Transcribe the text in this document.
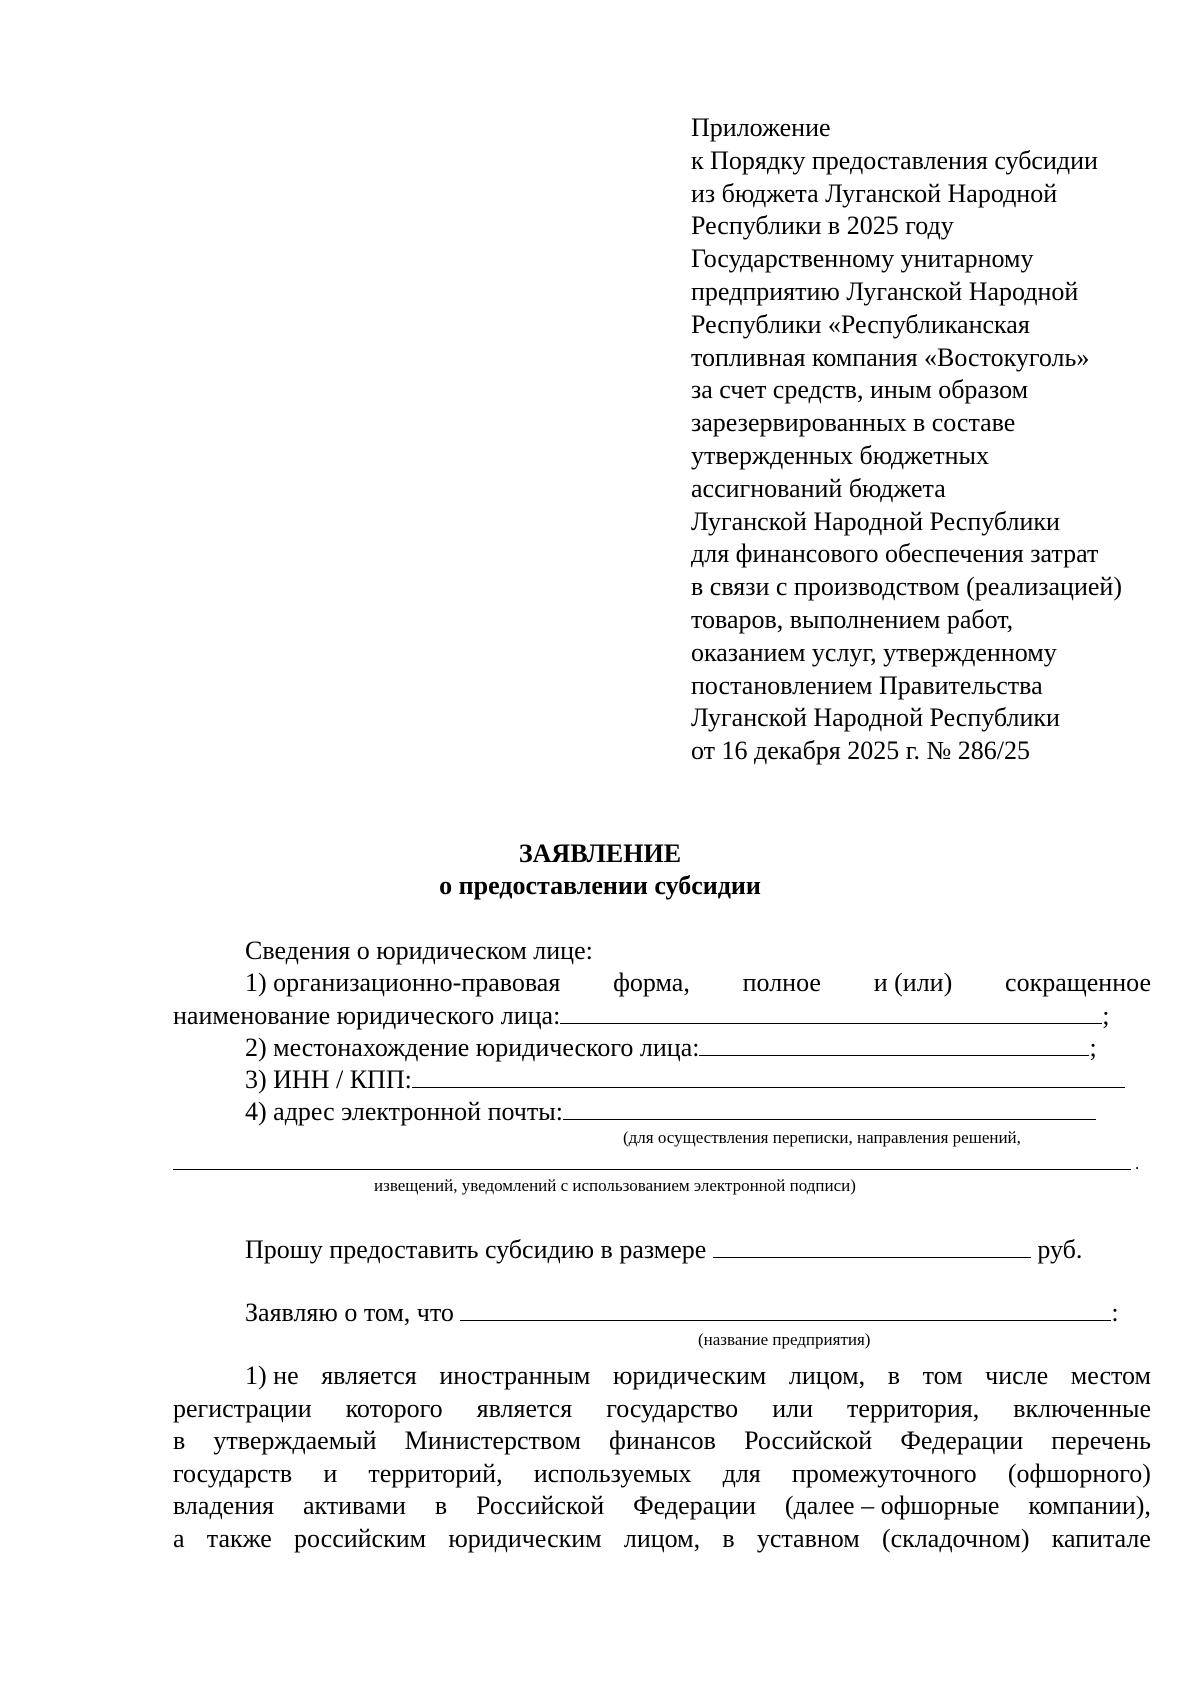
Приложение
к Порядку предоставления субсидии
из бюджета Луганской Народной
Республики в 2025 году
Государственному унитарному
предприятию Луганской Народной
Республики «Республиканская
топливная компания «Востокуголь»
за счет средств, иным образом
зарезервированных в составе
утвержденных бюджетных
ассигнований бюджета
Луганской Народной Республики
для финансового обеспечения затрат
в связи с производством (реализацией)
товаров, выполнением работ,
оказанием услуг, утвержденному
постановлением Правительства
Луганской Народной Республики
от 16 декабря 2025 г. № 286/25
ЗАЯВЛЕНИЕ
о предоставлении субсидии
Сведения о юридическом лице:
1) организационно-правовая форма, полное и (или) сокращенное
наименование юридического лица:	;
2) местонахождение юридического лица:	;
3) ИНН / КПП:
4) адрес электронной почты:
(для осуществления переписки, направления решений,
.
извещений, уведомлений с использованием электронной подписи)
Прошу предоставить субсидию в размере	руб.
Заявляю о том, что	:
(название предприятия)
1) не является иностранным юридическим лицом, в том числе местом
регистрации которого является государство или территория, включенные
в утверждаемый Министерством финансов Российской Федерации перечень
государств и территорий, используемых для промежуточного (офшорного)
владения активами в Российской Федерации (далее – офшорные компании),
а также российским юридическим лицом, в уставном (складочном) капитале
